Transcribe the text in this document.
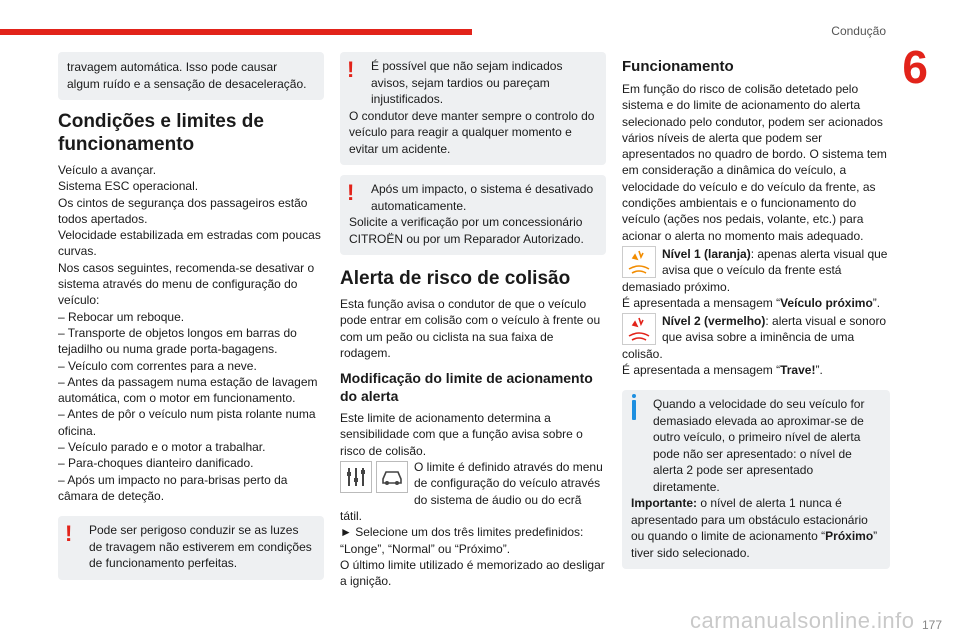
Condução
6
travagem automática. Isso pode causar
algum ruído e a sensação de desaceleração.
Condições e limites de funcionamento
Veículo a avançar.
Sistema ESC operacional.
Os cintos de segurança dos passageiros estão todos apertados.
Velocidade estabilizada em estradas com poucas curvas.
Nos casos seguintes, recomenda-se desativar o sistema através do menu de configuração do veículo:
– Rebocar um reboque.
– Transporte de objetos longos em barras do tejadilho ou numa grade porta-bagagens.
– Veículo com correntes para a neve.
– Antes da passagem numa estação de lavagem automática, com o motor em funcionamento.
– Antes de pôr o veículo num pista rolante numa oficina.
– Veículo parado e o motor a trabalhar.
– Para-choques dianteiro danificado.
– Após um impacto no para-brisas perto da câmara de deteção.
!	Pode ser perigoso conduzir se as luzes de travagem não estiverem em condições de funcionamento perfeitas.
!	É possível que não sejam indicados avisos, sejam tardios ou pareçam injustificados.
O condutor deve manter sempre o controlo do veículo para reagir a qualquer momento e evitar um acidente.
!	Após um impacto, o sistema é desativado automaticamente.
Solicite a verificação por um concessionário CITROËN ou por um Reparador Autorizado.
Alerta de risco de colisão
Esta função avisa o condutor de que o veículo pode entrar em colisão com o veículo à frente ou com um peão ou ciclista na sua faixa de rodagem.
Modificação do limite de acionamento do alerta
Este limite de acionamento determina a sensibilidade com que a função avisa sobre o risco de colisão.
O limite é definido através do menu de configuração do veículo através do sistema de áudio ou do ecrã tátil.
► Selecione um dos três limites predefinidos: “Longe”, “Normal” ou “Próximo”.
O último limite utilizado é memorizado ao desligar a ignição.
Funcionamento
Em função do risco de colisão detetado pelo sistema e do limite de acionamento do alerta selecionado pelo condutor, podem ser acionados vários níveis de alerta que podem ser apresentados no quadro de bordo. O sistema tem em consideração a dinâmica do veículo, a velocidade do veículo e do veículo da frente, as condições ambientais e o funcionamento do veículo (ações nos pedais, volante, etc.) para acionar o alerta no momento mais adequado.
Nível 1 (laranja): apenas alerta visual que avisa que o veículo da frente está demasiado próximo.
É apresentada a mensagem “Veículo próximo”.
Nível 2 (vermelho): alerta visual e sonoro que avisa sobre a iminência de uma colisão.
É apresentada a mensagem “Trave!”.
Quando a velocidade do seu veículo for demasiado elevada ao aproximar-se de outro veículo, o primeiro nível de alerta pode não ser apresentado: o nível de alerta 2 pode ser apresentado diretamente.
Importante: o nível de alerta 1 nunca é apresentado para um obstáculo estacionário ou quando o limite de acionamento “Próximo” tiver sido selecionado.
carmanualsonline.info 177
